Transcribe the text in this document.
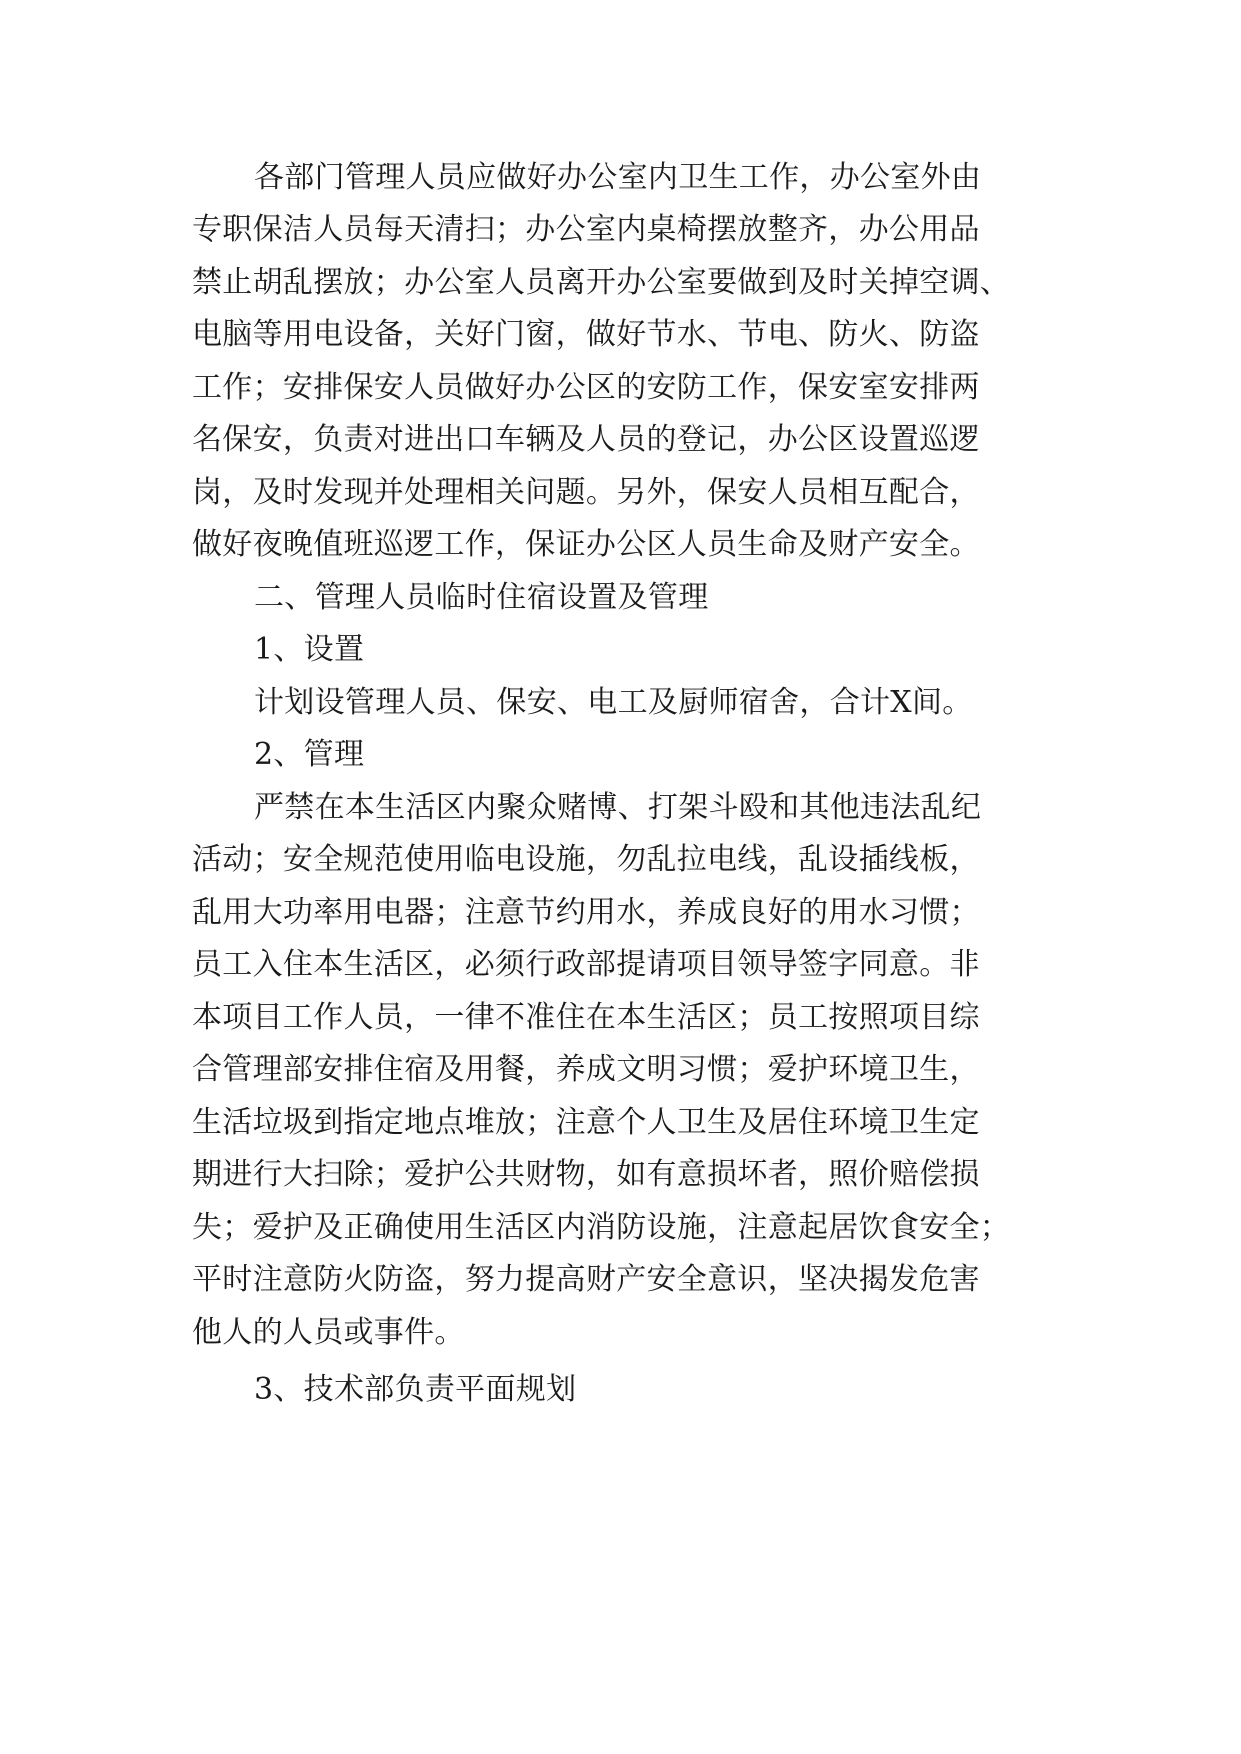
各部门管理人员应做好办公室内卫生工作，办公室外由
专职保洁人员每天清扫；办公室内桌椅摆放整齐，办公用品
禁止胡乱摆放；办公室人员离开办公室要做到及时关掉空调、
电脑等用电设备，关好门窗，做好节水、节电、防火、防盗
工作；安排保安人员做好办公区的安防工作，保安室安排两
名保安，负责对进出口车辆及人员的登记，办公区设置巡逻
岗，及时发现并处理相关问题。另外，保安人员相互配合，
做好夜晚值班巡逻工作，保证办公区人员生命及财产安全。
二、管理人员临时住宿设置及管理
1、设置
计划设管理人员、保安、电工及厨师宿舍，合计X间。
2、管理
严禁在本生活区内聚众赌博、打架斗殴和其他违法乱纪
活动；安全规范使用临电设施，勿乱拉电线，乱设插线板，
乱用大功率用电器；注意节约用水，养成良好的用水习惯；
员工入住本生活区，必须行政部提请项目领导签字同意。非
本项目工作人员，一律不准住在本生活区；员工按照项目综
合管理部安排住宿及用餐，养成文明习惯；爱护环境卫生，
生活垃圾到指定地点堆放；注意个人卫生及居住环境卫生定
期进行大扫除；爱护公共财物，如有意损坏者，照价赔偿损
失；爱护及正确使用生活区内消防设施，注意起居饮食安全；
平时注意防火防盗，努力提高财产安全意识，坚决揭发危害
他人的人员或事件。
3、技术部负责平面规划
